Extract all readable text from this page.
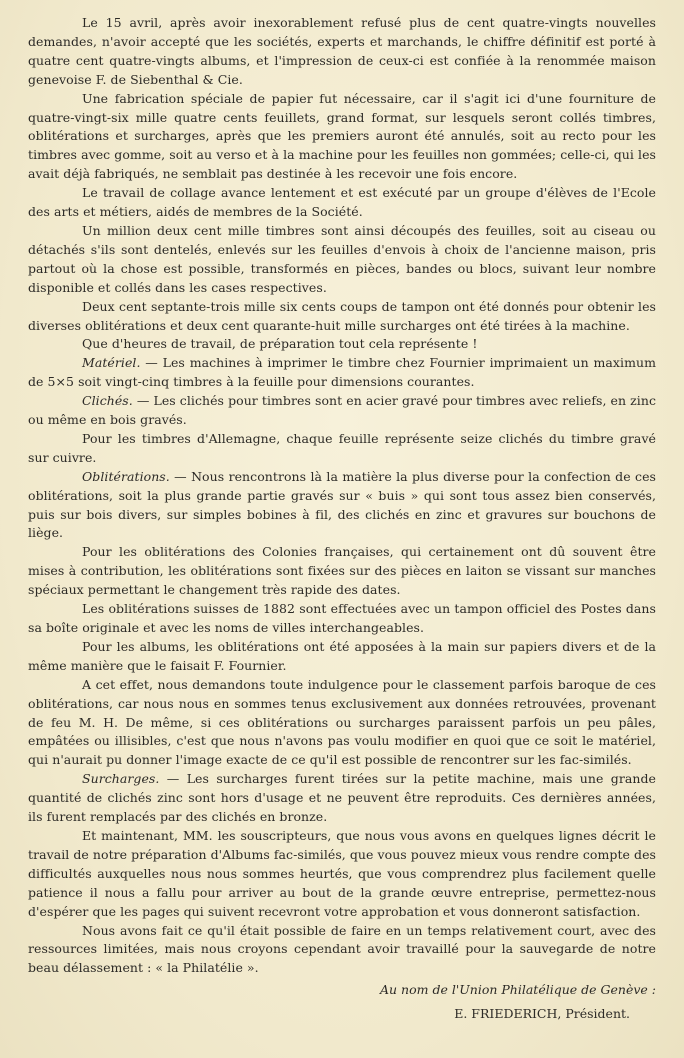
Le 15 avril, après avoir inexorablement refusé plus de cent quatre-vingts nouvelles demandes, n'avoir accepté que les sociétés, experts et marchands, le chiffre définitif est porté à quatre cent quatre-vingts albums, et l'impression de ceux-ci est confiée à la renommée maison genevoise F. de Siebenthal & Cie.

Une fabrication spéciale de papier fut nécessaire, car il s'agit ici d'une fourniture de quatre-vingt-six mille quatre cents feuillets, grand format, sur lesquels seront collés timbres, oblitérations et surcharges, après que les premiers auront été annulés, soit au recto pour les timbres avec gomme, soit au verso et à la machine pour les feuilles non gommées; celle-ci, qui les avait déjà fabriqués, ne semblait pas destinée à les recevoir une fois encore.

Le travail de collage avance lentement et est exécuté par un groupe d'élèves de l'Ecole des arts et métiers, aidés de membres de la Société.

Un million deux cent mille timbres sont ainsi découpés des feuilles, soit au ciseau ou détachés s'ils sont dentelés, enlevés sur les feuilles d'envois à choix de l'ancienne maison, pris partout où la chose est possible, transformés en pièces, bandes ou blocs, suivant leur nombre disponible et collés dans les cases respectives.

Deux cent septante-trois mille six cents coups de tampon ont été donnés pour obtenir les diverses oblitérations et deux cent quarante-huit mille surcharges ont été tirées à la machine.

Que d'heures de travail, de préparation tout cela représente !

Matériel. — Les machines à imprimer le timbre chez Fournier imprimaient un maximum de 5×5 soit vingt-cinq timbres à la feuille pour dimensions courantes.

Clichés. — Les clichés pour timbres sont en acier gravé pour timbres avec reliefs, en zinc ou même en bois gravés.

Pour les timbres d'Allemagne, chaque feuille représente seize clichés du timbre gravé sur cuivre.

Oblitérations. — Nous rencontrons là la matière la plus diverse pour la confection de ces oblitérations, soit la plus grande partie gravés sur « buis » qui sont tous assez bien conservés, puis sur bois divers, sur simples bobines à fil, des clichés en zinc et gravures sur bouchons de liège.

Pour les oblitérations des Colonies françaises, qui certainement ont dû souvent être mises à contribution, les oblitérations sont fixées sur des pièces en laiton se vissant sur manches spéciaux permettant le changement très rapide des dates.

Les oblitérations suisses de 1882 sont effectuées avec un tampon officiel des Postes dans sa boîte originale et avec les noms de villes interchangeables.

Pour les albums, les oblitérations ont été apposées à la main sur papiers divers et de la même manière que le faisait F. Fournier.

A cet effet, nous demandons toute indulgence pour le classement parfois baroque de ces oblitérations, car nous nous en sommes tenus exclusivement aux données retrouvées, provenant de feu M. H. De même, si ces oblitérations ou surcharges paraissent parfois un peu pâles, empâtées ou illisibles, c'est que nous n'avons pas voulu modifier en quoi que ce soit le matériel, qui n'aurait pu donner l'image exacte de ce qu'il est possible de rencontrer sur les fac-similés.

Surcharges. — Les surcharges furent tirées sur la petite machine, mais une grande quantité de clichés zinc sont hors d'usage et ne peuvent être reproduits. Ces dernières années, ils furent remplacés par des clichés en bronze.

Et maintenant, MM. les souscripteurs, que nous vous avons en quelques lignes décrit le travail de notre préparation d'Albums fac-similés, que vous pouvez mieux vous rendre compte des difficultés auxquelles nous nous sommes heurtés, que vous comprendrez plus facilement quelle patience il nous a fallu pour arriver au bout de la grande œuvre entreprise, permettez-nous d'espérer que les pages qui suivent recevront votre approbation et vous donneront satisfaction.

Nous avons fait ce qu'il était possible de faire en un temps relativement court, avec des ressources limitées, mais nous croyons cependant avoir travaillé pour la sauvegarde de notre beau délassement : « la Philatélie ».

Au nom de l'Union Philatélique de Genève :
E. FRIEDERICH, Président.
